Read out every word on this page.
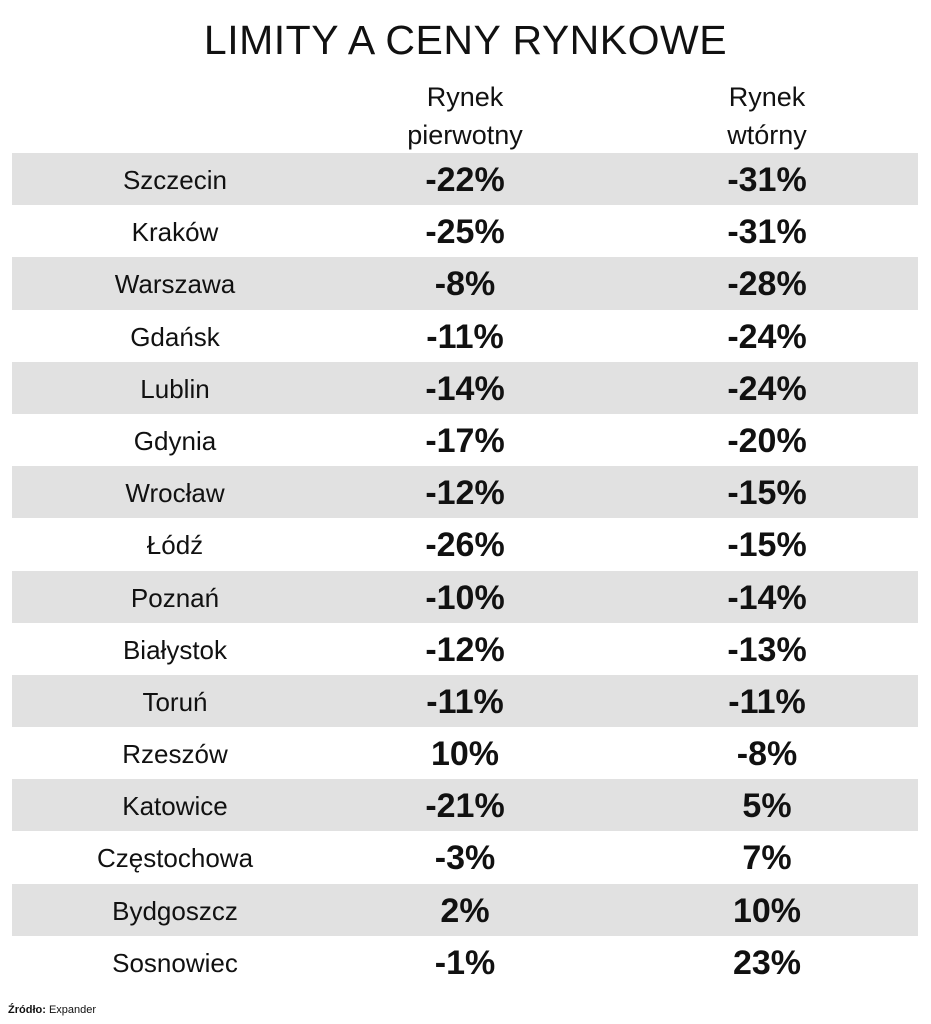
LIMITY A CENY RYNKOWE
Rynek
pierwotny
Rynek
wtórny
Szczecin	-22%	-31%
Kraków	-25%	-31%
Warszawa	-8%	-28%
Gdańsk	-11%	-24%
Lublin	-14%	-24%
Gdynia	-17%	-20%
Wrocław	-12%	-15%
Łódź	-26%	-15%
Poznań	-10%	-14%
Białystok	-12%	-13%
Toruń	-11%	-11%
Rzeszów	10%	-8%
Katowice	-21%	5%
Częstochowa	-3%	7%
Bydgoszcz	2%	10%
Sosnowiec	-1%	23%
Źródło: Expander
